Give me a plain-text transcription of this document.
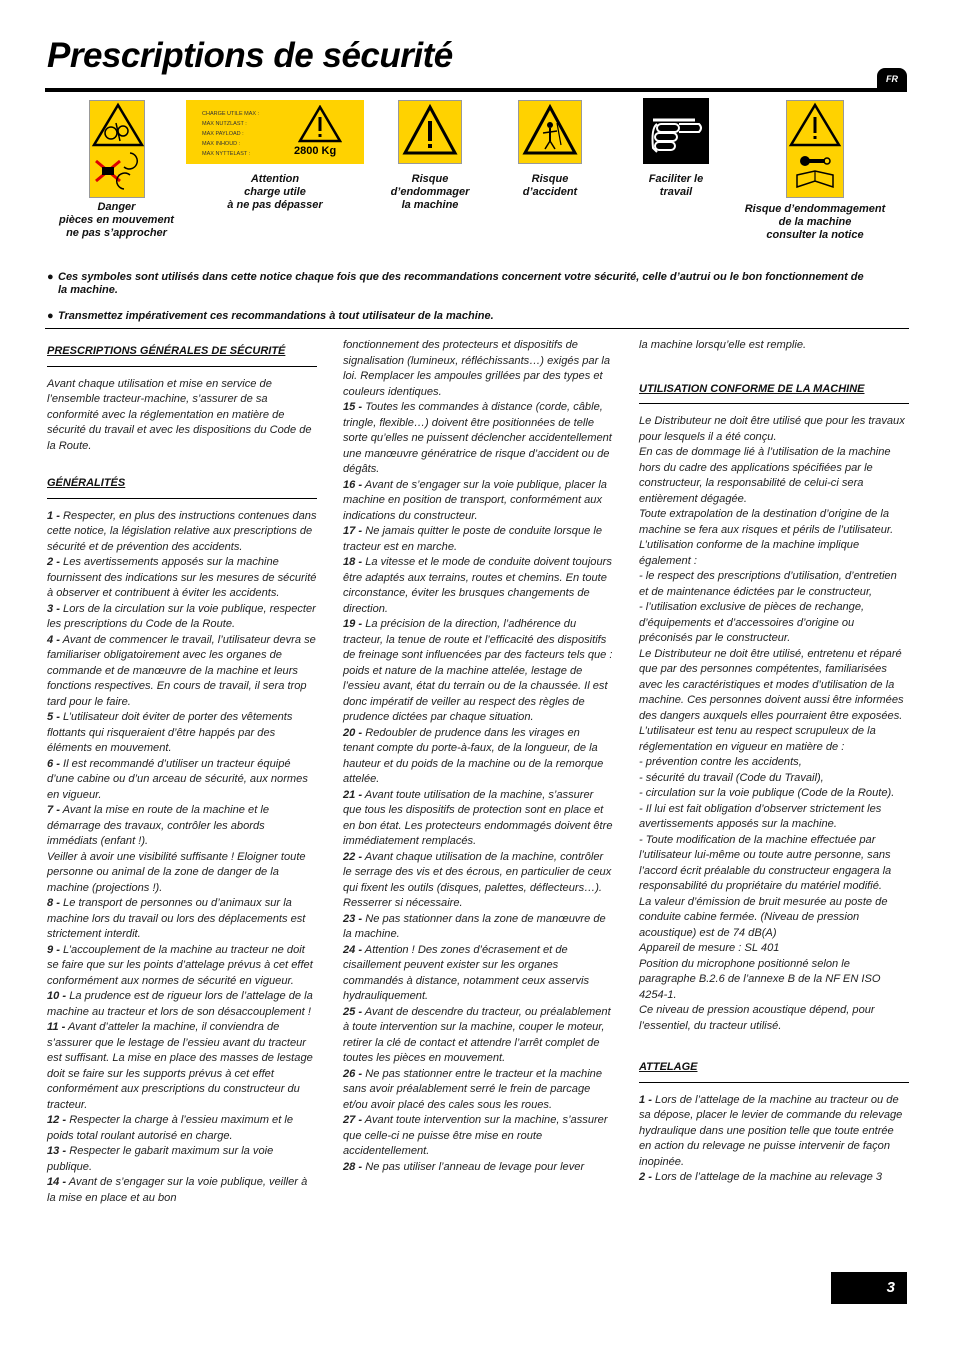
Prescriptions de sécurité
FR
Danger
pièces en mouvement
ne pas s’approcher
CHARGE UTILE MAX :
MAX NUTZLAST :
MAX PAYLOAD :
MAX INHOUD :
MAX NYTTELAST :	2800 Kg
Attention
charge utile
à ne pas dépasser
Risque
d’endommager
la machine
Risque
d’accident
Faciliter le
travail
Risque d’endommagement
de la machine
consulter la notice
● Ces symboles sont utilisés dans cette notice chaque fois que des recommandations concernent votre sécurité, celle d’autrui ou le bon fonctionnement de la machine.
● Transmettez impérativement ces recommandations à tout utilisateur de la machine.
PRESCRIPTIONS GÉNÉRALES DE SÉCURITÉ

Avant chaque utilisation et mise en service de l’ensemble tracteur-machine, s’assurer de sa conformité avec la réglementation en matière de sécurité du travail et avec les dispositions du Code de la Route.

GÉNÉRALITÉS

1 - Respecter, en plus des instructions contenues dans cette notice, la législation relative aux prescriptions de sécurité et de prévention des accidents.

2 - Les avertissements apposés sur la machine fournissent des indications sur les mesures de sécurité à observer et contribuent à éviter les accidents.

3 - Lors de la circulation sur la voie publique, respecter les prescriptions du Code de la Route.

4 - Avant de commencer le travail, l’utilisateur devra se familiariser obligatoirement avec les organes de commande et de manœuvre de la machine et leurs fonctions respectives. En cours de travail, il sera trop tard pour le faire.

5 - L’utilisateur doit éviter de porter des vêtements flottants qui risqueraient d’être happés par des éléments en mouvement.

6 - Il est recommandé d’utiliser un tracteur équipé d’une cabine ou d’un arceau de sécurité, aux normes en vigueur.

7 - Avant la mise en route de la machine et le démarrage des travaux, contrôler les abords immédiats (enfant !).
Veiller à avoir une visibilité suffisante ! Eloigner toute personne ou animal de la zone de danger de la machine (projections !).

8 - Le transport de personnes ou d’animaux sur la machine lors du travail ou lors des déplacements est strictement interdit.

9 - L’accouplement de la machine au tracteur ne doit se faire que sur les points d’attelage prévus à cet effet conformément aux normes de sécurité en vigueur.

10 - La prudence est de rigueur lors de l’attelage de la machine au tracteur et lors de son désaccouplement !

11 - Avant d’atteler la machine, il conviendra de s’assurer que le lestage de l’essieu avant du tracteur est suffisant. La mise en place des masses de lestage doit se faire sur les supports prévus à cet effet conformément aux prescriptions du constructeur du tracteur.

12 - Respecter la charge à l’essieu maximum et le poids total roulant autorisé en charge.

13 - Respecter le gabarit maximum sur la voie publique.

14 - Avant de s’engager sur la voie publique, veiller à la mise en place et au bon

fonctionnement des protecteurs et dispositifs de signalisation (lumineux, réfléchissants…) exigés par la loi. Remplacer les ampoules grillées par des types et couleurs identiques.

15 - Toutes les commandes à distance (corde, câble, tringle, flexible…) doivent être positionnées de telle sorte qu’elles ne puissent déclencher accidentellement une manœuvre génératrice de risque d’accident ou de dégâts.

16 - Avant de s’engager sur la voie publique, placer la machine en position de transport, conformément aux indications du constructeur.

17 - Ne jamais quitter le poste de conduite lorsque le tracteur est en marche.

18 - La vitesse et le mode de conduite doivent toujours être adaptés aux terrains, routes et chemins. En toute circonstance, éviter les brusques changements de direction.

19 - La précision de la direction, l’adhérence du tracteur, la tenue de route et l’efficacité des dispositifs de freinage sont influencées par des facteurs tels que : poids et nature de la machine attelée, lestage de l’essieu avant, état du terrain ou de la chaussée. Il est donc impératif de veiller au respect des règles de prudence dictées par chaque situation.

20 - Redoubler de prudence dans les virages en tenant compte du porte-à-faux, de la longueur, de la hauteur et du poids de la machine ou de la remorque attelée.

21 - Avant toute utilisation de la machine, s’assurer que tous les dispositifs de protection sont en place et en bon état. Les protecteurs endommagés doivent être immédiatement remplacés.

22 - Avant chaque utilisation de la machine, contrôler le serrage des vis et des écrous, en particulier de ceux qui fixent les outils (disques, palettes, déflecteurs…). Resserrer si nécessaire.

23 - Ne pas stationner dans la zone de manœuvre de la machine.

24 - Attention ! Des zones d’écrasement et de cisaillement peuvent exister sur les organes commandés à distance, notamment ceux asservis hydrauliquement.

25 - Avant de descendre du tracteur, ou préalablement à toute intervention sur la machine, couper le moteur, retirer la clé de contact et attendre l’arrêt complet de toutes les pièces en mouvement.

26 - Ne pas stationner entre le tracteur et la machine sans avoir préalablement serré le frein de parcage et/ou avoir placé des cales sous les roues.

27 - Avant toute intervention sur la machine, s’assurer que celle-ci ne puisse être mise en route accidentellement.

28 - Ne pas utiliser l’anneau de levage pour lever

la machine lorsqu’elle est remplie.

UTILISATION CONFORME DE LA MACHINE

Le Distributeur ne doit être utilisé que pour les travaux pour lesquels il a été conçu.
En cas de dommage lié à l’utilisation de la machine hors du cadre des applications spécifiées par le constructeur, la responsabilité de celui-ci sera entièrement dégagée.
Toute extrapolation de la destination d’origine de la machine se fera aux risques et périls de l’utilisateur.
L’utilisation conforme de la machine implique également :
- le respect des prescriptions d’utilisation, d’entretien et de maintenance édictées par le constructeur,
- l’utilisation exclusive de pièces de rechange, d’équipements et d’accessoires d’origine ou préconisés par le constructeur.
Le Distributeur ne doit être utilisé, entretenu et réparé que par des personnes compétentes, familiarisées avec les caractéristiques et modes d’utilisation de la machine. Ces personnes doivent aussi être informées des dangers auxquels elles pourraient être exposées.
L’utilisateur est tenu au respect scrupuleux de la réglementation en vigueur en matière de :
- prévention contre les accidents,
- sécurité du travail (Code du Travail),
- circulation sur la voie publique (Code de la Route).
- Il lui est fait obligation d’observer strictement les avertissements apposés sur la machine.
- Toute modification de la machine effectuée par l’utilisateur lui-même ou toute autre personne, sans l’accord écrit préalable du constructeur engagera la responsabilité du propriétaire du matériel modifié.
La valeur d’émission de bruit mesurée au poste de conduite cabine fermée. (Niveau de pression acoustique) est de 74 dB(A)
Appareil de mesure : SL 401
Position du microphone positionné selon le paragraphe B.2.6 de l’annexe B de la NF EN ISO 4254-1.
Ce niveau de pression acoustique dépend, pour l’essentiel, du tracteur utilisé.

ATTELAGE

1 - Lors de l’attelage de la machine au tracteur ou de sa dépose, placer le levier de commande du relevage hydraulique dans une position telle que toute entrée en action du relevage ne puisse intervenir de façon inopinée.

2 - Lors de l’attelage de la machine au relevage 3

3
